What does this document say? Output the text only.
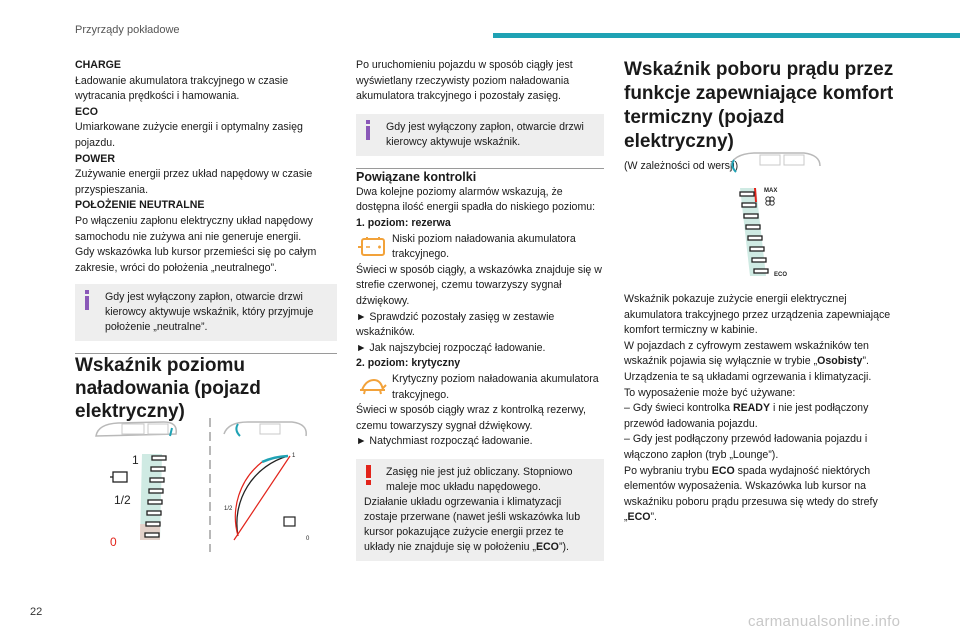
Przyrządy pokładowe

CHARGE

Ładowanie akumulatora trakcyjnego w czasie wytracania prędkości i hamowania.

ECO

Umiarkowane zużycie energii i optymalny zasięg pojazdu.

POWER

Zużywanie energii przez układ napędowy w czasie przyspieszania.

POŁOŻENIE NEUTRALNE

Po włączeniu zapłonu elektryczny układ napędowy samochodu nie zużywa ani nie generuje energii.

Gdy wskazówka lub kursor przemieści się po całym zakresie, wróci do położenia „neutralnego”.

Gdy jest wyłączony zapłon, otwarcie drzwi kierowcy aktywuje wskaźnik, który przyjmuje położenie „neutralne”.

Wskaźnik poziomu naładowania (pojazd elektryczny)

1
1/2
0
1
1/2
0

Po uruchomieniu pojazdu w sposób ciągły jest wyświetlany rzeczywisty poziom naładowania akumulatora trakcyjnego i pozostały zasięg.

Gdy jest wyłączony zapłon, otwarcie drzwi kierowcy aktywuje wskaźnik.

Powiązane kontrolki

Dwa kolejne poziomy alarmów wskazują, że dostępna ilość energii spadła do niskiego poziomu:

1. poziom: rezerwa

Niski poziom naładowania akumulatora trakcyjnego.

Świeci w sposób ciągły, a wskazówka znajduje się w strefie czerwonej, czemu towarzyszy sygnał dźwiękowy.

► Sprawdzić pozostały zasięg w zestawie wskaźników.

► Jak najszybciej rozpocząć ładowanie.

2. poziom: krytyczny

Krytyczny poziom naładowania akumulatora trakcyjnego.

Świeci w sposób ciągły wraz z kontrolką rezerwy, czemu towarzyszy sygnał dźwiękowy.

► Natychmiast rozpocząć ładowanie.

Zasięg nie jest już obliczany. Stopniowo maleje moc układu napędowego.

Działanie układu ogrzewania i klimatyzacji zostaje przerwane (nawet jeśli wskazówka lub kursor pokazujące zużycie energii przez te układy nie znajduje się w położeniu „ECO”).

Wskaźnik poboru prądu przez funkcje zapewniające komfort termiczny (pojazd elektryczny)

(W zależności od wersji)

MAX
ECO

Wskaźnik pokazuje zużycie energii elektrycznej akumulatora trakcyjnego przez urządzenia zapewniające komfort termiczny w kabinie.

W pojazdach z cyfrowym zestawem wskaźników ten wskaźnik pojawia się wyłącznie w trybie „Osobisty”. Urządzenia te są układami ogrzewania i klimatyzacji.

To wyposażenie może być używane:

– Gdy świeci kontrolka READY i nie jest podłączony przewód ładowania pojazdu.

– Gdy jest podłączony przewód ładowania pojazdu i włączono zapłon (tryb „Lounge”).

Po wybraniu trybu ECO spada wydajność niektórych elementów wyposażenia. Wskazówka lub kursor na wskaźniku poboru prądu przesuwa się wtedy do strefy „ECO”.

22
carmanualsonline.info
